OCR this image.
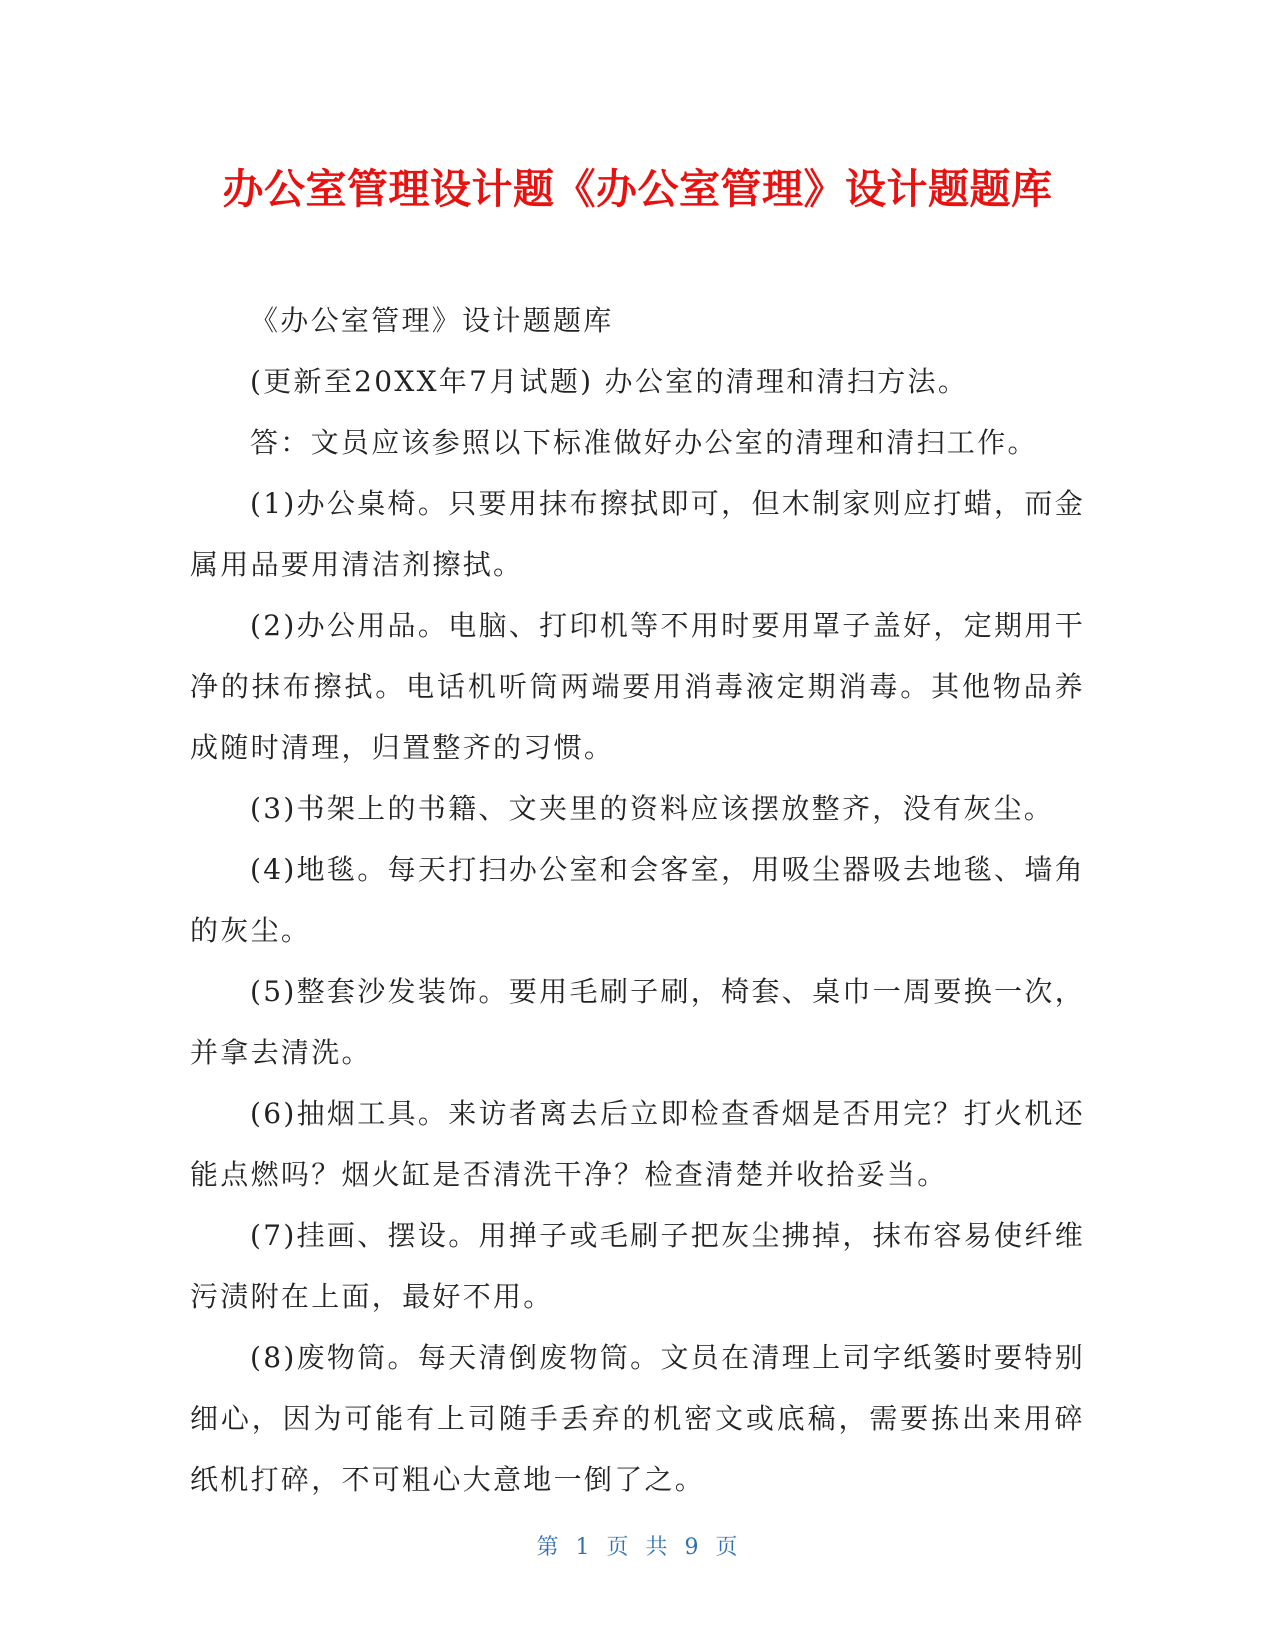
办公室管理设计题《办公室管理》设计题题库

《办公室管理》设计题题库

(更新至20XX年7月试题) 办公室的清理和清扫方法。

答：文员应该参照以下标准做好办公室的清理和清扫工作。

(1)办公桌椅。只要用抹布擦拭即可，但木制家则应打蜡，而金属用品要用清洁剂擦拭。

(2)办公用品。电脑、打印机等不用时要用罩子盖好，定期用干净的抹布擦拭。电话机听筒两端要用消毒液定期消毒。其他物品养成随时清理，归置整齐的习惯。

(3)书架上的书籍、文夹里的资料应该摆放整齐，没有灰尘。

(4)地毯。每天打扫办公室和会客室，用吸尘器吸去地毯、墙角的灰尘。

(5)整套沙发装饰。要用毛刷子刷，椅套、桌巾一周要换一次，并拿去清洗。

(6)抽烟工具。来访者离去后立即检查香烟是否用完？打火机还能点燃吗？烟火缸是否清洗干净？检查清楚并收拾妥当。

(7)挂画、摆设。用掸子或毛刷子把灰尘拂掉，抹布容易使纤维污渍附在上面，最好不用。

(8)废物筒。每天清倒废物筒。文员在清理上司字纸篓时要特别细心，因为可能有上司随手丢弃的机密文或底稿，需要拣出来用碎纸机打碎，不可粗心大意地一倒了之。

第 1 页 共 9 页
